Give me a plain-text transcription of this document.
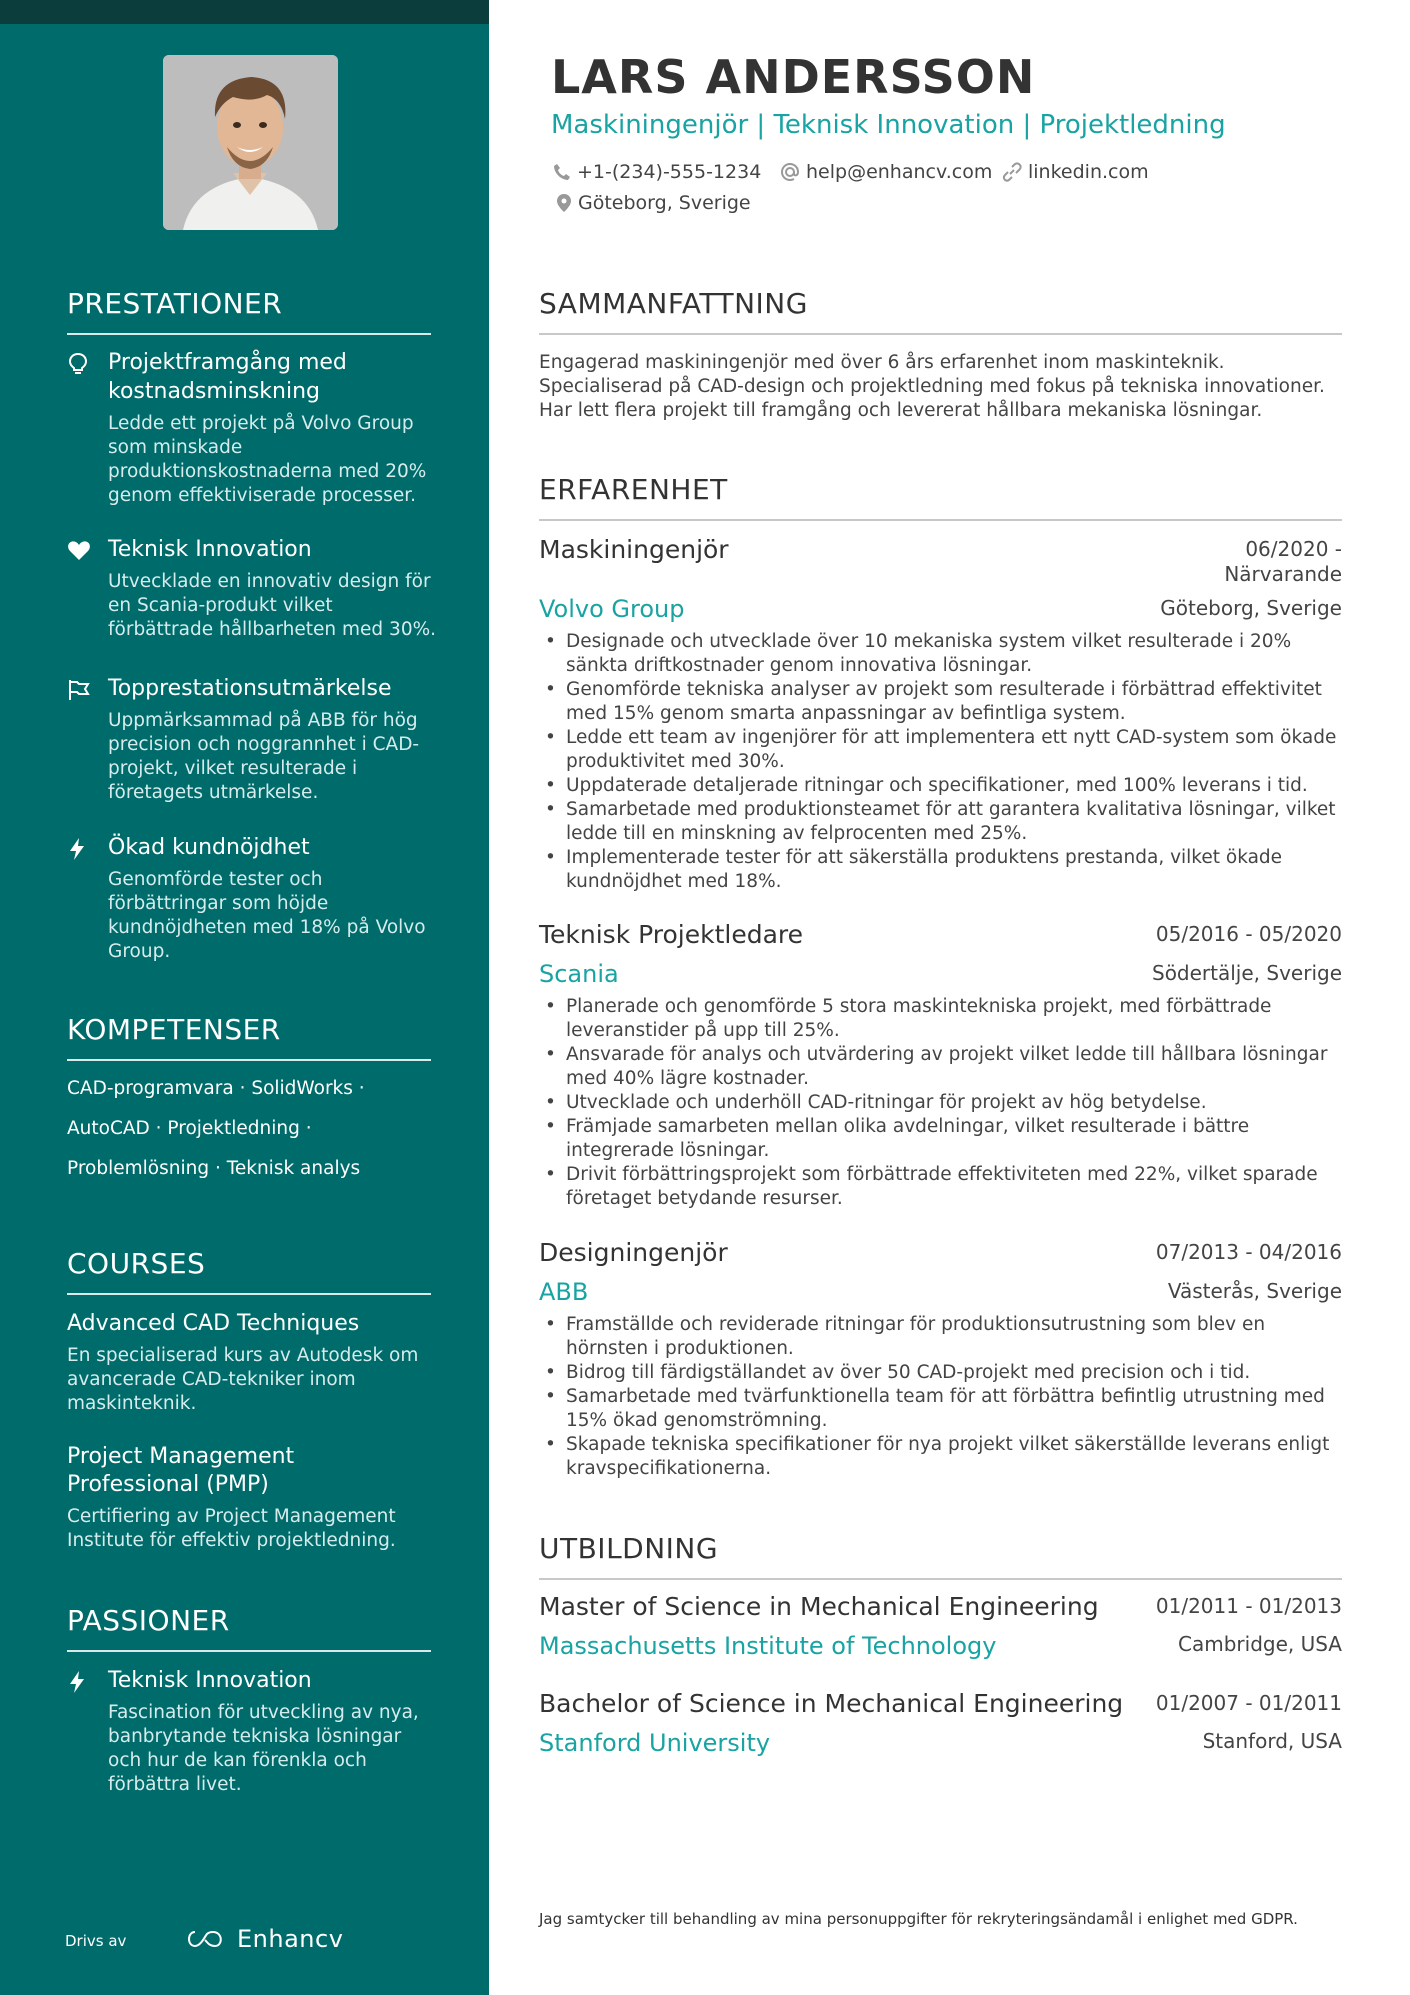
PRESTATIONER
Projektframgång med kostnadsminskning
Ledde ett projekt på Volvo Group som minskade produktionskostnaderna med 20% genom effektiviserade processer.
Teknisk Innovation
Utvecklade en innovativ design för en Scania-produkt vilket förbättrade hållbarheten med 30%.
Topprestationsutmärkelse
Uppmärksammad på ABB för hög precision och noggrannhet i CAD-projekt, vilket resulterade i företagets utmärkelse.
Ökad kundnöjdhet
Genomförde tester och förbättringar som höjde kundnöjdheten med 18% på Volvo Group.
KOMPETENSER
CAD-programvara · SolidWorks ·
AutoCAD · Projektledning ·
Problemlösning · Teknisk analys
COURSES
Advanced CAD Techniques
En specialiserad kurs av Autodesk om avancerade CAD-tekniker inom maskinteknik.
Project Management Professional (PMP)
Certifiering av Project Management Institute för effektiv projektledning.
PASSIONER
Teknisk Innovation
Fascination för utveckling av nya, banbrytande tekniska lösningar och hur de kan förenkla och förbättra livet.
Drivs av	Enhancv
LARS ANDERSSON
Maskiningenjör | Teknisk Innovation | Projektledning
+1-(234)-555-1234 help@enhancv.com linkedin.com
Göteborg, Sverige
SAMMANFATTNING
Engagerad maskiningenjör med över 6 års erfarenhet inom maskinteknik. Specialiserad på CAD-design och projektledning med fokus på tekniska innovationer. Har lett flera projekt till framgång och levererat hållbara mekaniska lösningar.
ERFARENHET
Maskiningenjör	06/2020 - Närvarande
Volvo Group	Göteborg, Sverige
• Designade och utvecklade över 10 mekaniska system vilket resulterade i 20% sänkta driftkostnader genom innovativa lösningar.
• Genomförde tekniska analyser av projekt som resulterade i förbättrad effektivitet med 15% genom smarta anpassningar av befintliga system.
• Ledde ett team av ingenjörer för att implementera ett nytt CAD-system som ökade produktivitet med 30%.
• Uppdaterade detaljerade ritningar och specifikationer, med 100% leverans i tid.
• Samarbetade med produktionsteamet för att garantera kvalitativa lösningar, vilket ledde till en minskning av felprocenten med 25%.
• Implementerade tester för att säkerställa produktens prestanda, vilket ökade kundnöjdhet med 18%.
Teknisk Projektledare	05/2016 - 05/2020
Scania	Södertälje, Sverige
• Planerade och genomförde 5 stora maskintekniska projekt, med förbättrade leveranstider på upp till 25%.
• Ansvarade för analys och utvärdering av projekt vilket ledde till hållbara lösningar med 40% lägre kostnader.
• Utvecklade och underhöll CAD-ritningar för projekt av hög betydelse.
• Främjade samarbeten mellan olika avdelningar, vilket resulterade i bättre integrerade lösningar.
• Drivit förbättringsprojekt som förbättrade effektiviteten med 22%, vilket sparade företaget betydande resurser.
Designingenjör	07/2013 - 04/2016
ABB	Västerås, Sverige
• Framställde och reviderade ritningar för produktionsutrustning som blev en hörnsten i produktionen.
• Bidrog till färdigställandet av över 50 CAD-projekt med precision och i tid.
• Samarbetade med tvärfunktionella team för att förbättra befintlig utrustning med 15% ökad genomströmning.
• Skapade tekniska specifikationer för nya projekt vilket säkerställde leverans enligt kravspecifikationerna.
UTBILDNING
Master of Science in Mechanical Engineering	01/2011 - 01/2013
Massachusetts Institute of Technology	Cambridge, USA
Bachelor of Science in Mechanical Engineering 01/2007 - 01/2011
Stanford University	Stanford, USA
Jag samtycker till behandling av mina personuppgifter för rekryteringsändamål i enlighet med GDPR.
